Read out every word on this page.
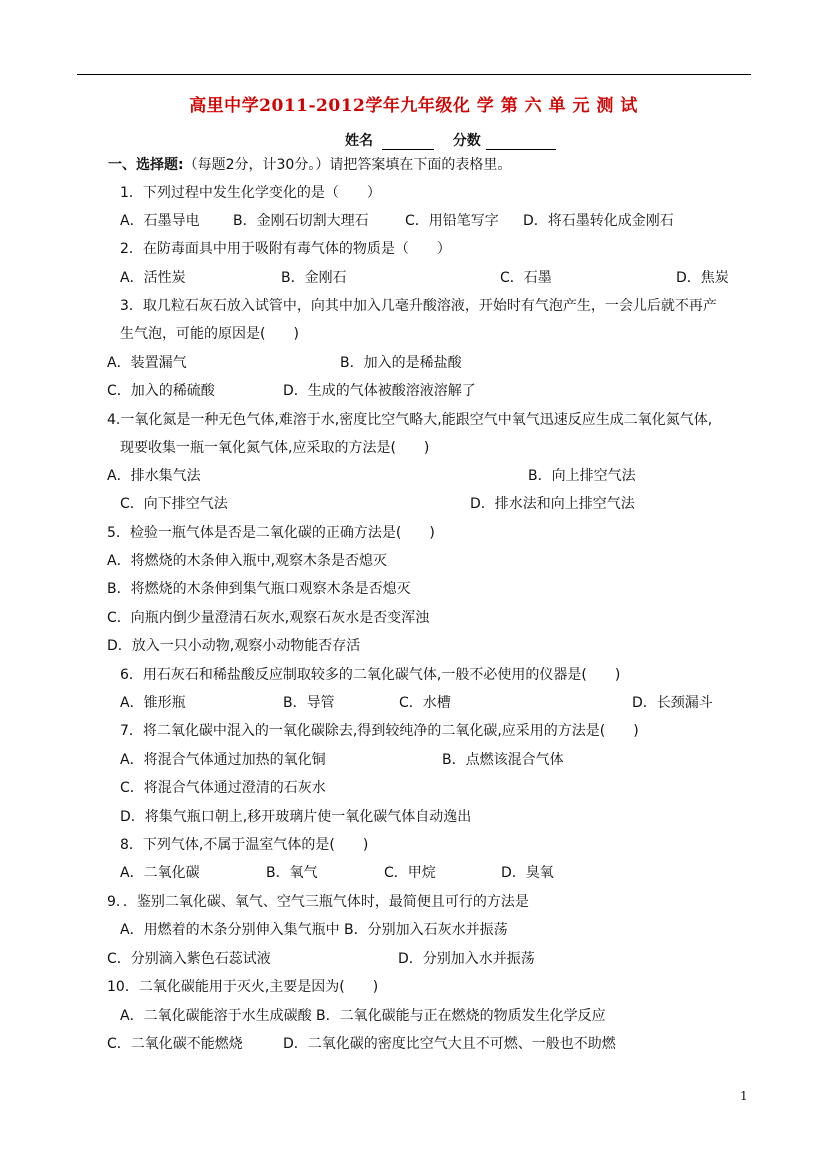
高里中学2011-2012学年九年级化 学 第 六 单 元 测 试
姓名	分数
一、选择题:（每题2分，计30分。）请把答案填在下面的表格里。
1．下列过程中发生化学变化的是（　　）
A．石墨导电 B．金刚石切割大理石	C．用铅笔写字 D．将石墨转化成金刚石
2．在防毒面具中用于吸附有毒气体的物质是（　　）
A．活性炭	B．金刚石	C．石墨	D．焦炭
3．取几粒石灰石放入试管中，向其中加入几毫升酸溶液，开始时有气泡产生，一会儿后就不再产
生气泡，可能的原因是(　　)
A．装置漏气	B．加入的是稀盐酸
C．加入的稀硫酸	D．生成的气体被酸溶液溶解了
4.一氧化氮是一种无色气体,难溶于水,密度比空气略大,能跟空气中氧气迅速反应生成二氧化氮气体,
现要收集一瓶一氧化氮气体,应采取的方法是(　　)
A．排水集气法	B．向上排空气法
C．向下排空气法	D．排水法和向上排空气法
5．检验一瓶气体是否是二氧化碳的正确方法是(　　)
A．将燃烧的木条伸入瓶中,观察木条是否熄灭
B．将燃烧的木条伸到集气瓶口观察木条是否熄灭
C．向瓶内倒少量澄清石灰水,观察石灰水是否变浑浊
D．放入一只小动物,观察小动物能否存活
6．用石灰石和稀盐酸反应制取较多的二氧化碳气体,一般不必使用的仪器是(　　)
A．锥形瓶	B．导管	C．水槽	D．长颈漏斗
7．将二氧化碳中混入的一氧化碳除去,得到较纯净的二氧化碳,应采用的方法是(　　)
A．将混合气体通过加热的氧化铜	B．点燃该混合气体
C．将混合气体通过澄清的石灰水
D．将集气瓶口朝上,移开玻璃片使一氧化碳气体自动逸出
8．下列气体,不属于温室气体的是(　　)
A．二氧化碳	B．氧气	C．甲烷	D．臭氧
9．．鉴别二氧化碳、氧气、空气三瓶气体时，最简便且可行的方法是
A．用燃着的木条分别伸入集气瓶中 B．分别加入石灰水并振荡
C．分别滴入紫色石蕊试液	D．分别加入水并振荡
10．二氧化碳能用于灭火,主要是因为(　　)
A．二氧化碳能溶于水生成碳酸 B．二氧化碳能与正在燃烧的物质发生化学反应
C．二氧化碳不能燃烧	D．二氧化碳的密度比空气大且不可燃、一般也不助燃
1
